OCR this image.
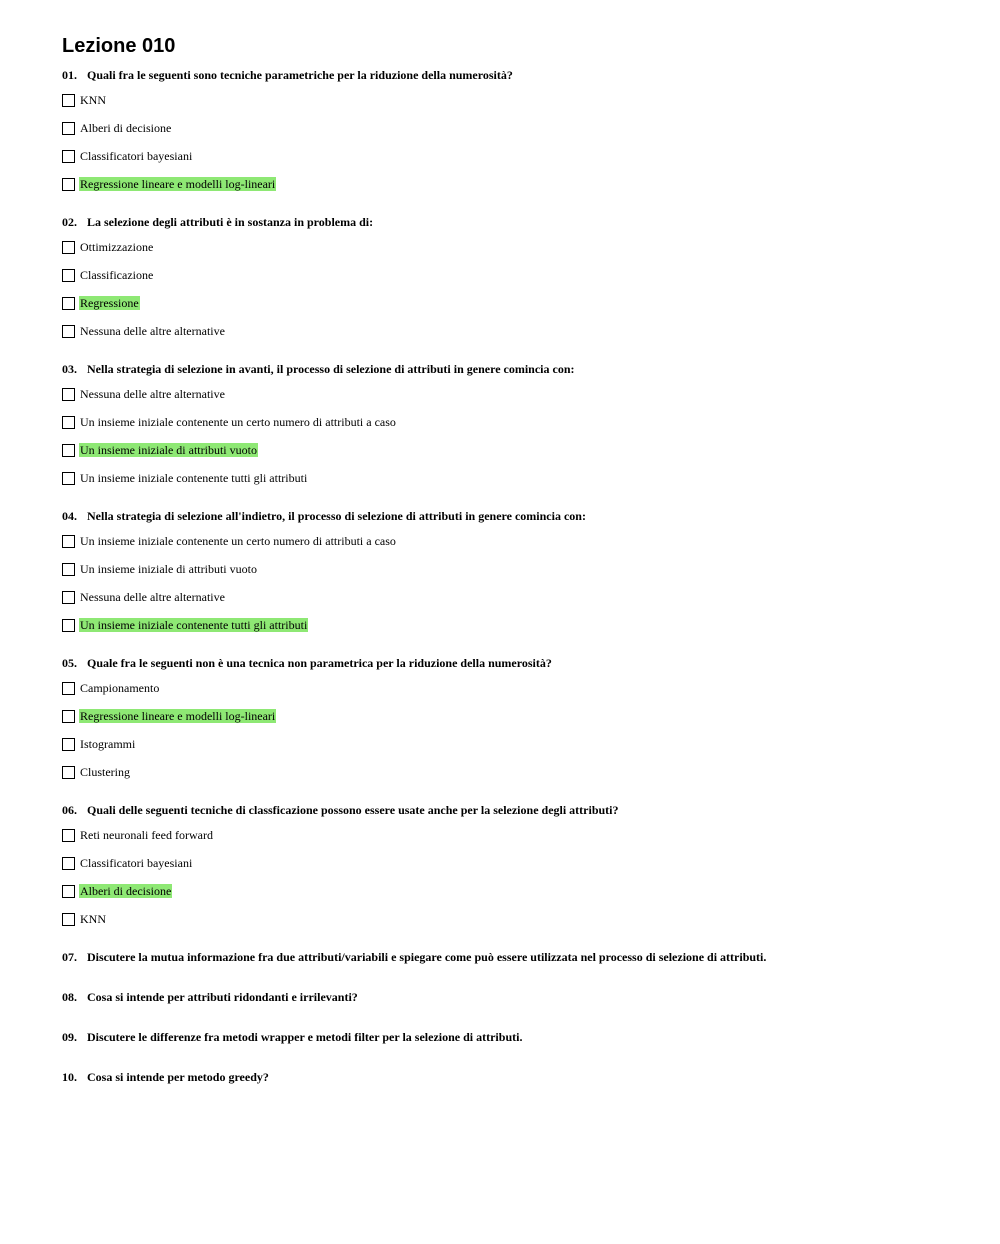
Lezione 010
01. Quali fra le seguenti sono tecniche parametriche per la riduzione della numerosità?
KNN
Alberi di decisione
Classificatori bayesiani
Regressione lineare e modelli log-lineari
02. La selezione degli attributi è in sostanza in problema di:
Ottimizzazione
Classificazione
Regressione
Nessuna delle altre alternative
03. Nella strategia di selezione in avanti, il processo di selezione di attributi in genere comincia con:
Nessuna delle altre alternative
Un insieme iniziale contenente un certo numero di attributi a caso
Un insieme iniziale di attributi vuoto
Un insieme iniziale contenente tutti gli attributi
04. Nella strategia di selezione all'indietro, il processo di selezione di attributi in genere comincia con:
Un insieme iniziale contenente un certo numero di attributi a caso
Un insieme iniziale di attributi vuoto
Nessuna delle altre alternative
Un insieme iniziale contenente tutti gli attributi
05. Quale fra le seguenti non è una tecnica non parametrica per la riduzione della numerosità?
Campionamento
Regressione lineare e modelli log-lineari
Istogrammi
Clustering
06. Quali delle seguenti tecniche di classficazione possono essere usate anche per la selezione degli attributi?
Reti neuronali feed forward
Classificatori bayesiani
Alberi di decisione
KNN
07. Discutere la mutua informazione fra due attributi/variabili e spiegare come può essere utilizzata nel processo di selezione di attributi.
08. Cosa si intende per attributi ridondanti e irrilevanti?
09. Discutere le differenze fra metodi wrapper e metodi filter per la selezione di attributi.
10. Cosa si intende per metodo greedy?
